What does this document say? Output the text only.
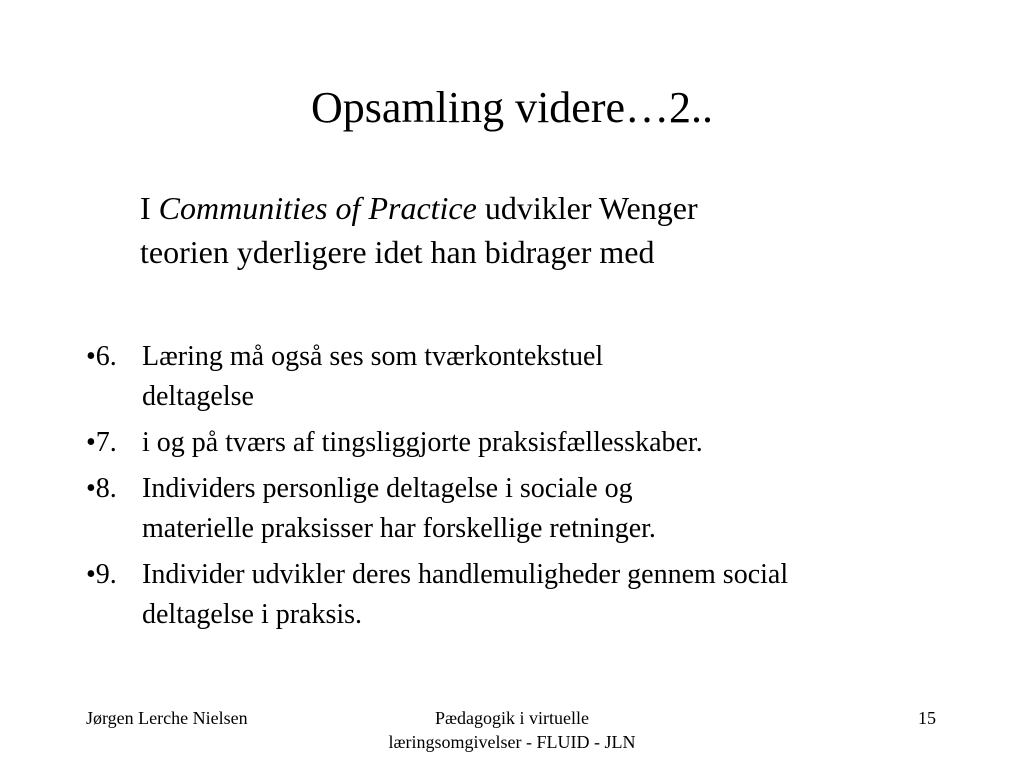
Opsamling videre…2..
I Communities of Practice udvikler Wenger
teorien yderligere idet han bidrager med
•6. Læring må også ses som tværkontekstuel
deltagelse
•7. i og på tværs af tingsliggjorte praksisfællesskaber.
•8. Individers personlige deltagelse i sociale og
materielle praksisser har forskellige retninger.
•9. Individer udvikler deres handlemuligheder gennem social
deltagelse i praksis.
Jørgen Lerche Nielsen	Pædagogik i virtuelle
læringsomgivelser - FLUID - JLN
15
